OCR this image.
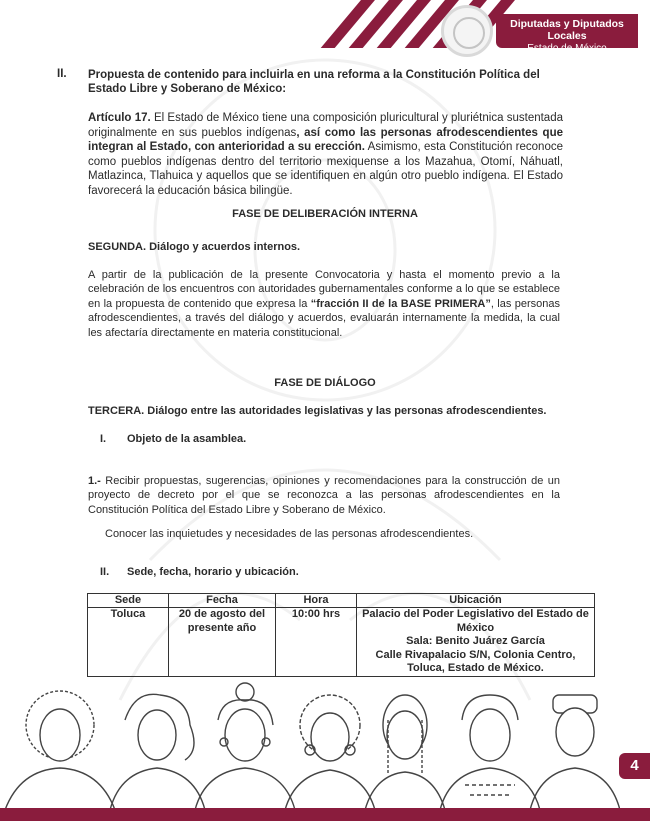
Diputadas y Diputados Locales
Estado de México
II. Propuesta de contenido para incluirla en una reforma a la Constitución Política del Estado Libre y Soberano de México:
Artículo 17. El Estado de México tiene una composición pluricultural y pluriétnica sustentada originalmente en sus pueblos indígenas, así como las personas afrodescendientes que integran al Estado, con anterioridad a su erección. Asimismo, esta Constitución reconoce como pueblos indígenas dentro del territorio mexiquense a los Mazahua, Otomí, Náhuatl, Matlazinca, Tlahuica y aquellos que se identifiquen en algún otro pueblo indígena. El Estado favorecerá la educación básica bilingüe.
FASE DE DELIBERACIÓN INTERNA
SEGUNDA. Diálogo y acuerdos internos.
A partir de la publicación de la presente Convocatoria y hasta el momento previo a la celebración de los encuentros con autoridades gubernamentales conforme a lo que se establece en la propuesta de contenido que expresa la “fracción II de la BASE PRIMERA”, las personas afrodescendientes, a través del diálogo y acuerdos, evaluarán internamente la medida, la cual les afectaría directamente en materia constitucional.
FASE DE DIÁLOGO
TERCERA. Diálogo entre las autoridades legislativas y las personas afrodescendientes.
I. Objeto de la asamblea.
1.- Recibir propuestas, sugerencias, opiniones y recomendaciones para la construcción de un proyecto de decreto por el que se reconozca a las personas afrodescendientes en la Constitución Política del Estado Libre y Soberano de México.
Conocer las inquietudes y necesidades de las personas afrodescendientes.
II. Sede, fecha, horario y ubicación.
Sede	Fecha	Hora	Ubicación
Toluca	20 de agosto del presente año	10:00 hrs	Palacio del Poder Legislativo del Estado de México
Sala: Benito Juárez García
Calle Rivapalacio S/N, Colonia Centro, Toluca, Estado de México.
4
